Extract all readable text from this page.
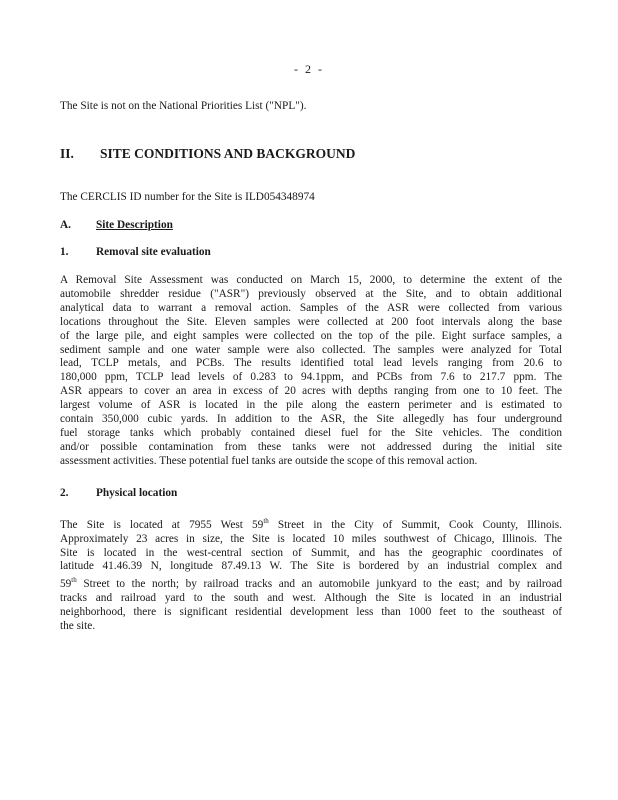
- 2 -
The Site is not on the National Priorities List ("NPL").
II. SITE CONDITIONS AND BACKGROUND
The CERCLIS ID number for the Site is ILD054348974
A. Site Description
1. Removal site evaluation
A Removal Site Assessment was conducted on March 15, 2000, to determine the extent of the
automobile shredder residue ("ASR") previously observed at the Site, and to obtain additional
analytical data to warrant a removal action. Samples of the ASR were collected from various
locations throughout the Site. Eleven samples were collected at 200 foot intervals along the base
of the large pile, and eight samples were collected on the top of the pile. Eight surface samples, a
sediment sample and one water sample were also collected. The samples were analyzed for Total
lead, TCLP metals, and PCBs. The results identified total lead levels ranging from 20.6 to
180,000 ppm, TCLP lead levels of 0.283 to 94.1ppm, and PCBs from 7.6 to 217.7 ppm. The
ASR appears to cover an area in excess of 20 acres with depths ranging from one to 10 feet. The
largest volume of ASR is located in the pile along the eastern perimeter and is estimated to
contain 350,000 cubic yards. In addition to the ASR, the Site allegedly has four underground
fuel storage tanks which probably contained diesel fuel for the Site vehicles. The condition
and/or possible contamination from these tanks were not addressed during the initial site
assessment activities. These potential fuel tanks are outside the scope of this removal action.
2. Physical location
The Site is located at 7955 West 59th Street in the City of Summit, Cook County, Illinois.
Approximately 23 acres in size, the Site is located 10 miles southwest of Chicago, Illinois. The
Site is located in the west-central section of Summit, and has the geographic coordinates of
latitude 41.46.39 N, longitude 87.49.13 W. The Site is bordered by an industrial complex and
59th Street to the north; by railroad tracks and an automobile junkyard to the east; and by railroad
tracks and railroad yard to the south and west. Although the Site is located in an industrial
neighborhood, there is significant residential development less than 1000 feet to the southeast of
the site.
